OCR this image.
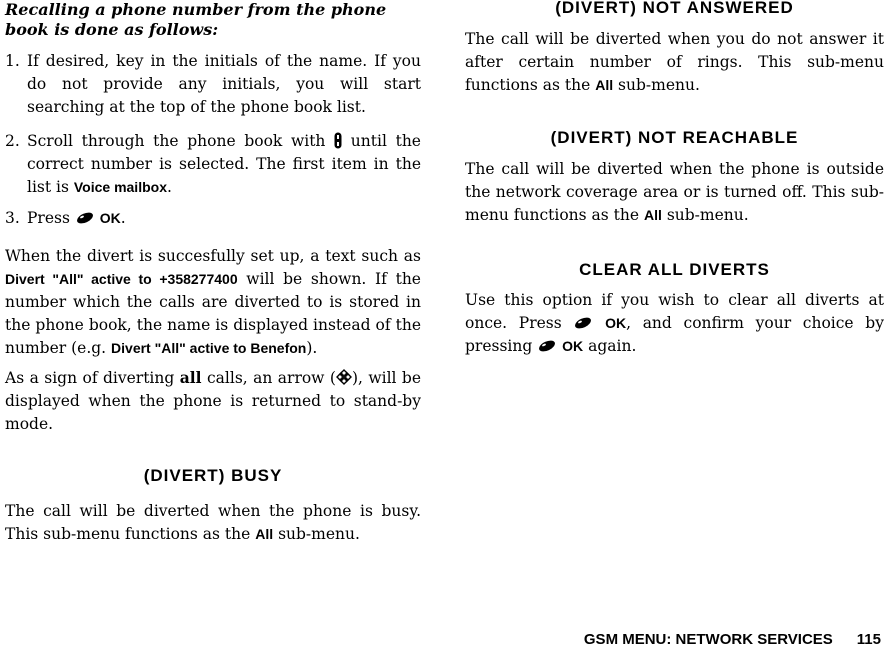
Recalling a phone number from the phone book is done as follows:
1. If desired, key in the initials of the name. If you do not provide any initials, you will start searching at the top of the phone book list.
2. Scroll through the phone book with until the correct number is selected. The first item in the list is Voice mailbox.
3. Press OK.
When the divert is succesfully set up, a text such as Divert "All" active to +358277400 will be shown. If the number which the calls are diverted to is stored in the phone book, the name is displayed instead of the number (e.g. Divert "All" active to Benefon).
As a sign of diverting all calls, an arrow ( ), will be displayed when the phone is returned to stand-by mode.
(DIVERT) BUSY
The call will be diverted when the phone is busy. This sub-menu functions as the All sub-menu.
(DIVERT) NOT ANSWERED
The call will be diverted when you do not answer it after certain number of rings. This sub-menu functions as the All sub-menu.
(DIVERT) NOT REACHABLE
The call will be diverted when the phone is outside the network coverage area or is turned off. This sub-menu functions as the All sub-menu.
CLEAR ALL DIVERTS
Use this option if you wish to clear all diverts at once. Press	OK, and confirm your choice by pressing OK again.
GSM MENU: NETWORK SERVICES 115
